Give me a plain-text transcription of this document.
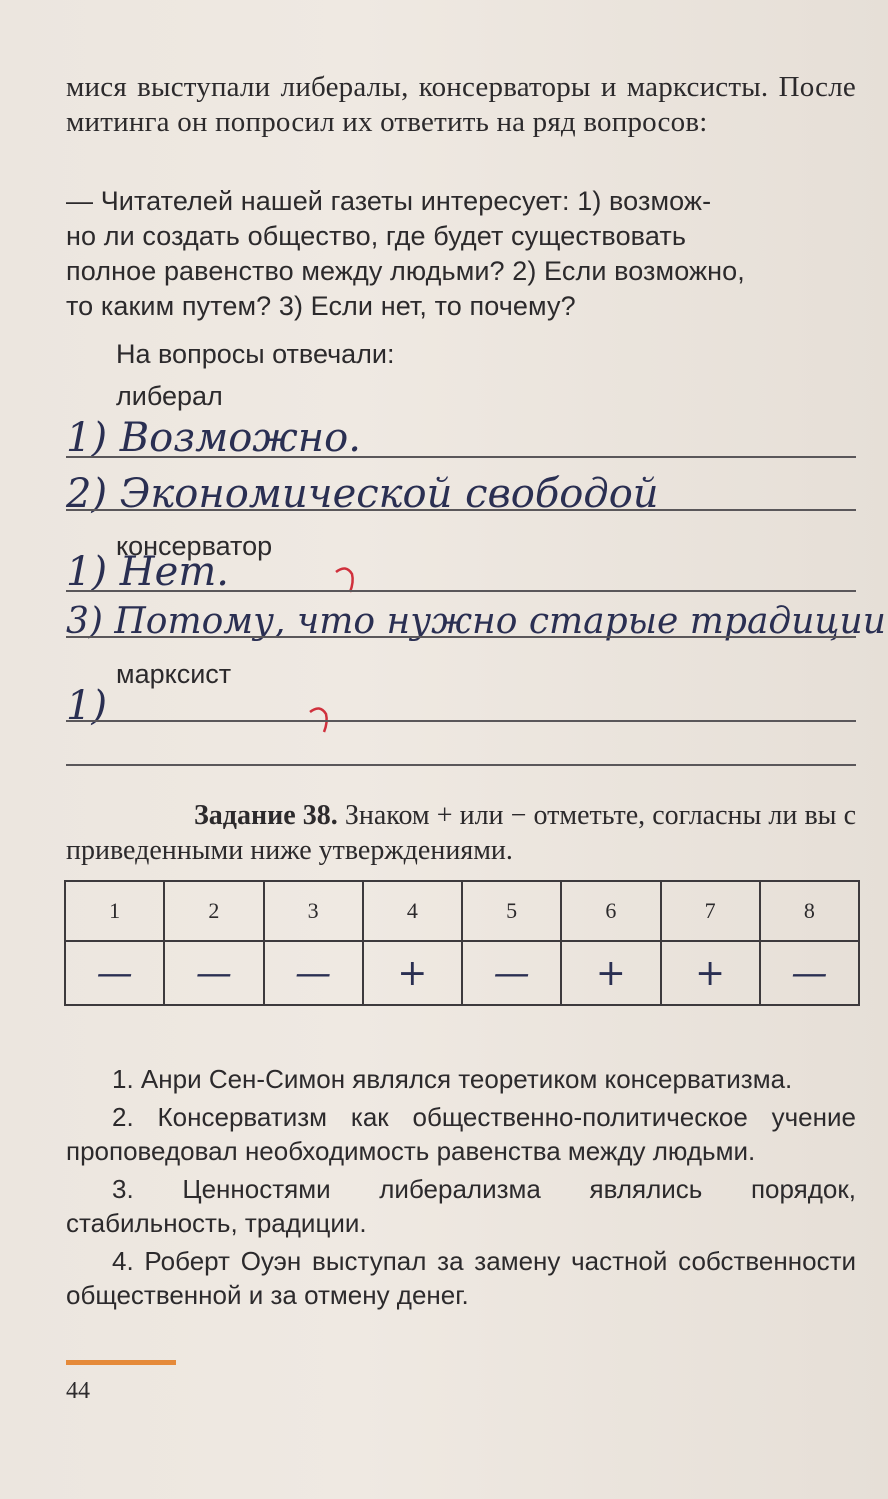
мися выступали либералы, консерваторы и марксисты. После митинга он попросил их ответить на ряд вопросов:
— Читателей нашей газеты интересует: 1) возмож-
но ли создать общество, где будет существовать
полное равенство между людьми? 2) Если возможно,
то каким путем? 3) Если нет, то почему?
На вопросы отвечали:
либерал
1) Возможно.
2) Экономической свободой
консерватор
1) Нет.
3) Потому, что нужно старые традиции
марксист
1)
Задание 38. Знаком + или − отметьте, согласны ли вы с приведенными ниже утверждениями.
1	2	3	4	5	6	7	8
—	—	—	+	—	+	+	—

1. Анри Сен-Симон являлся теоретиком консерватизма.

2. Консерватизм как общественно-политическое учение проповедовал необходимость равенства между людьми.

3. Ценностями либерализма являлись порядок, стабильность, традиции.

4. Роберт Оуэн выступал за замену частной собственности общественной и за отмену денег.

44
